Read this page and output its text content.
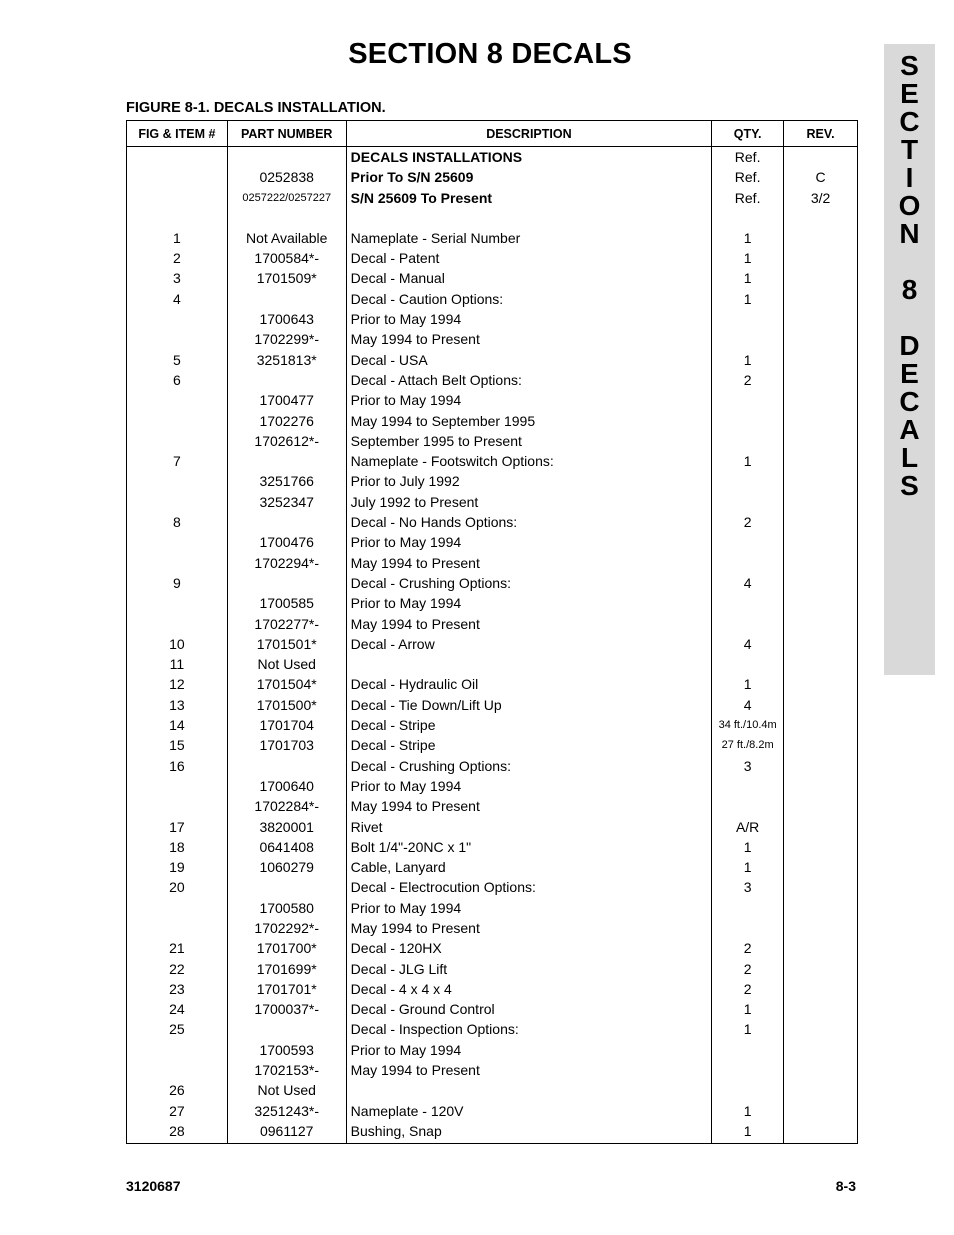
SECTION 8 DECALS	S
E
C
T
I
O
N
8
D
E
C
A
L
S
FIGURE 8-1. DECALS INSTALLATION.
FIG & ITEM #	PART NUMBER	DESCRIPTION	QTY.	REV.
		DECALS INSTALLATIONS	Ref.	
	0252838	Prior To S/N 25609	Ref.	C
	0257222/0257227	S/N 25609 To Present	Ref.	3/2

1	Not Available	Nameplate - Serial Number	1	
2	1700584*-	Decal - Patent	1	
3	1701509*	Decal - Manual	1	
4		Decal - Caution Options:	1	
	1700643	Prior to May 1994		
	1702299*-	May 1994 to Present		
5	3251813*	Decal - USA	1	
6		Decal - Attach Belt Options:	2	
	1700477	Prior to May 1994		
	1702276	May 1994 to September 1995		
	1702612*-	September 1995 to Present		
7		Nameplate - Footswitch Options:	1	
	3251766	Prior to July 1992		
	3252347	July 1992 to Present		
8		Decal - No Hands Options:	2	
	1700476	Prior to May 1994		
	1702294*-	May 1994 to Present		
9		Decal - Crushing Options:	4	
	1700585	Prior to May 1994		
	1702277*-	May 1994 to Present		
10	1701501*	Decal - Arrow	4	
11	Not Used			
12	1701504*	Decal - Hydraulic Oil	1	
13	1701500*	Decal - Tie Down/Lift Up	4	
14	1701704	Decal - Stripe	34 ft./10.4m	
15	1701703	Decal - Stripe	27 ft./8.2m	
16		Decal - Crushing Options:	3	
	1700640	Prior to May 1994		
	1702284*-	May 1994 to Present		
17	3820001	Rivet	A/R	
18	0641408	Bolt 1/4"-20NC x 1"	1	
19	1060279	Cable, Lanyard	1	
20		Decal - Electrocution Options:	3	
	1700580	Prior to May 1994		
	1702292*-	May 1994 to Present		
21	1701700*	Decal - 120HX	2	
22	1701699*	Decal - JLG Lift	2	
23	1701701*	Decal - 4 x 4 x 4	2	
24	1700037*-	Decal - Ground Control	1	
25		Decal - Inspection Options:	1	
	1700593	Prior to May 1994		
	1702153*-	May 1994 to Present		
26	Not Used			
27	3251243*-	Nameplate - 120V	1	
28	0961127	Bushing, Snap	1	
3120687	8-3
